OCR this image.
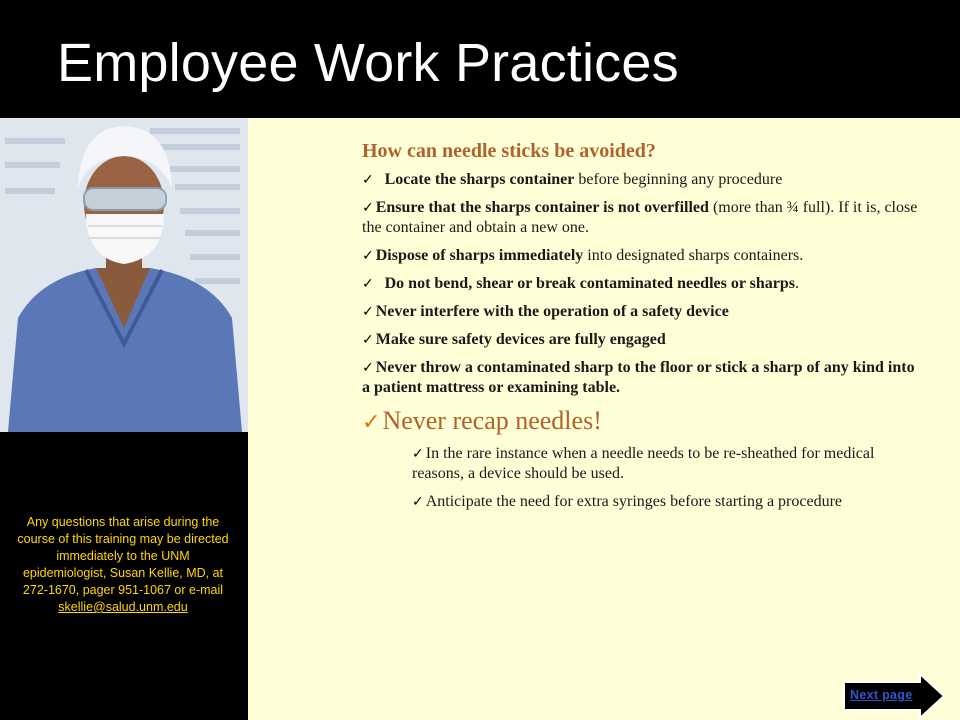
Employee Work Practices
Any questions that arise during the course of this training may be directed immediately to the UNM epidemiologist, Susan Kellie, MD, at 272-1670, pager 951-1067 or e-mail
skellie@salud.unm.edu

How can needle sticks be avoided?

✓  Locate the sharps container before beginning any procedure
✓ Ensure that the sharps container is not overfilled (more than ¾ full). If it is, close the container and obtain a new one.
✓ Dispose of sharps immediately into designated sharps containers.
✓  Do not bend, shear or break contaminated needles or sharps.
✓ Never interfere with the operation of a safety device
✓ Make sure safety devices are fully engaged
✓ Never throw a contaminated sharp to the floor or stick a sharp of any kind into a patient mattress or examining table.
✓Never recap needles!
✓ In the rare instance when a needle needs to be re-sheathed for medical reasons, a device should be used.
✓ Anticipate the need for extra syringes before starting a procedure
Next page
